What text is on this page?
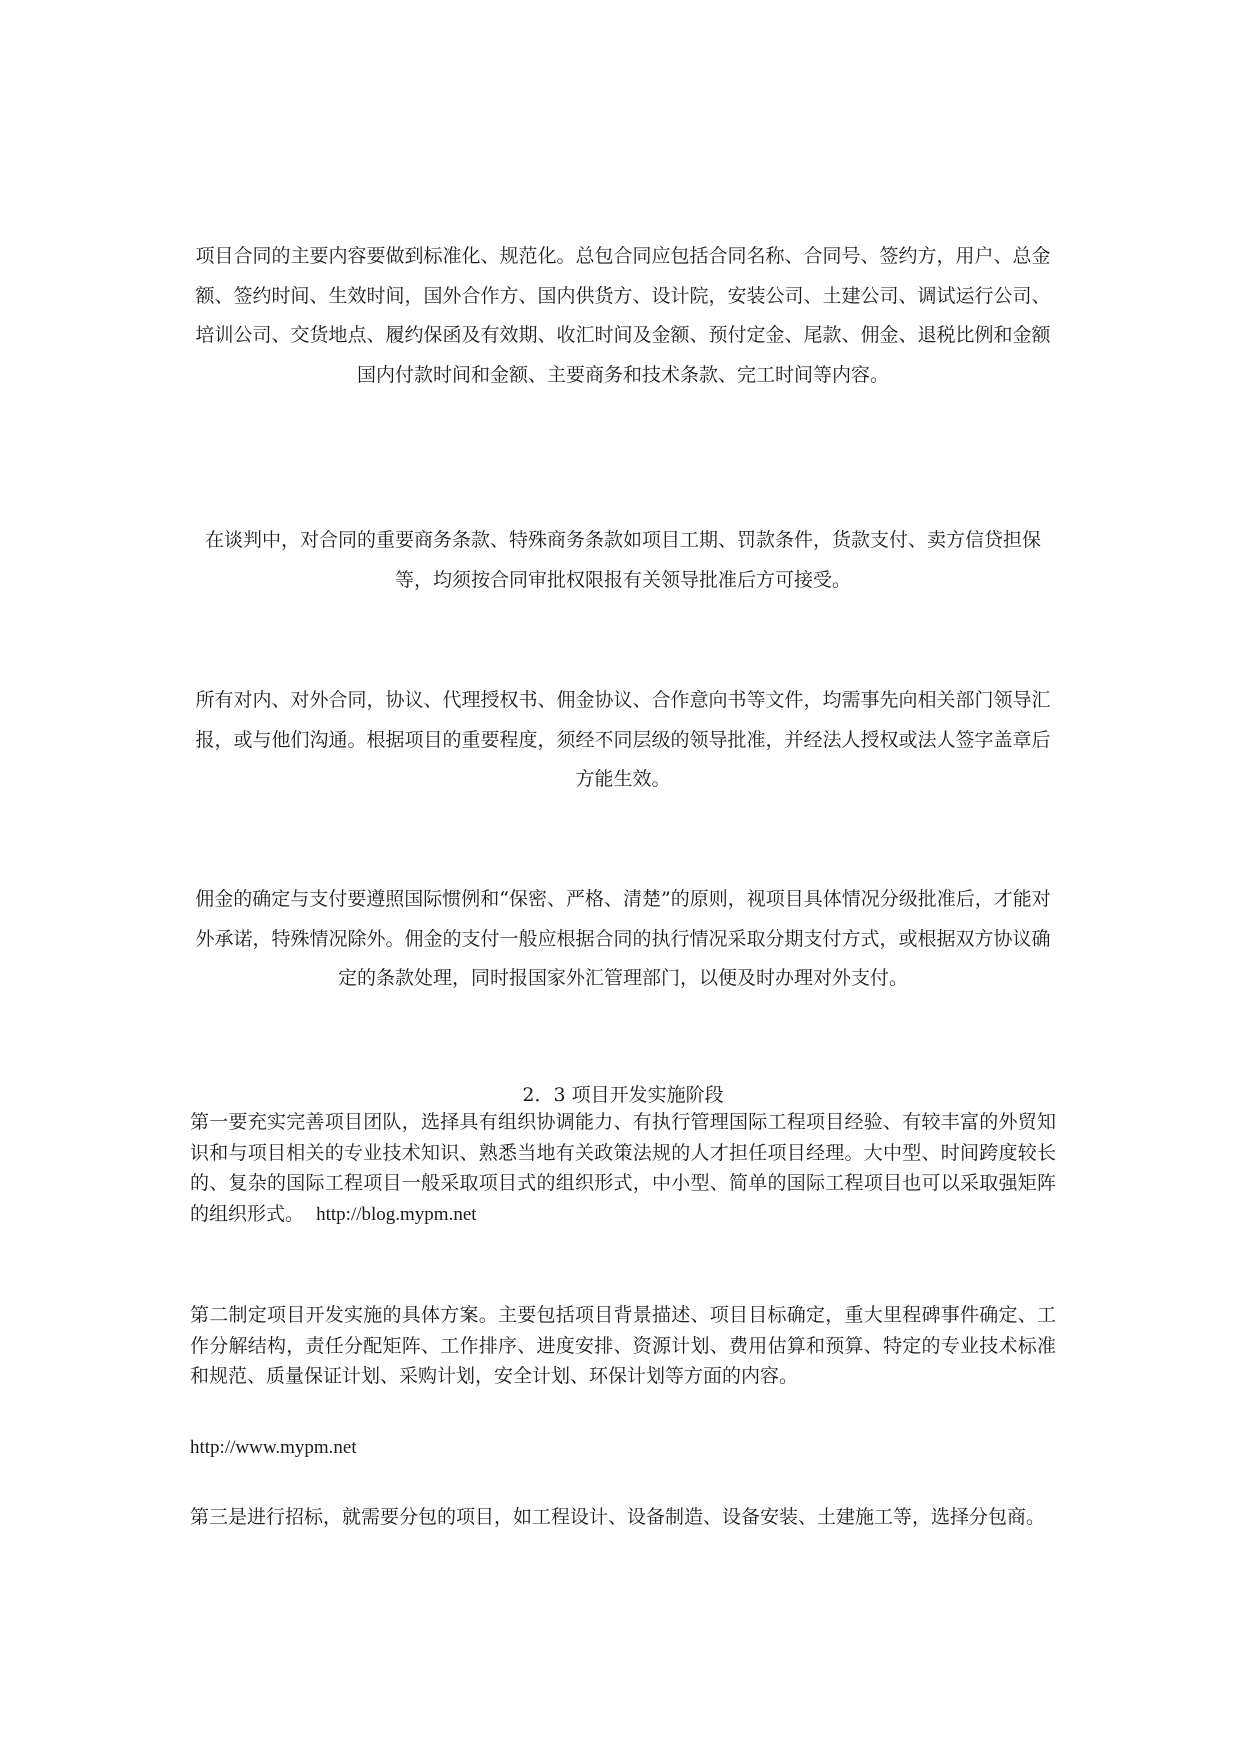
项目合同的主要内容要做到标准化、规范化。总包合同应包括合同名称、合同号、签约方，用户、总金额、签约时间、生效时间，国外合作方、国内供货方、设计院，安装公司、土建公司、调试运行公司、培训公司、交货地点、履约保函及有效期、收汇时间及金额、预付定金、尾款、佣金、退税比例和金额国内付款时间和金额、主要商务和技术条款、完工时间等内容。

在谈判中，对合同的重要商务条款、特殊商务条款如项目工期、罚款条件，货款支付、卖方信贷担保等，均须按合同审批权限报有关领导批准后方可接受。

所有对内、对外合同，协议、代理授权书、佣金协议、合作意向书等文件，均需事先向相关部门领导汇报，或与他们沟通。根据项目的重要程度，须经不同层级的领导批准，并经法人授权或法人签字盖章后方能生效。

佣金的确定与支付要遵照国际惯例和“保密、严格、清楚”的原则，视项目具体情况分级批准后，才能对外承诺，特殊情况除外。佣金的支付一般应根据合同的执行情况采取分期支付方式，或根据双方协议确定的条款处理，同时报国家外汇管理部门，以便及时办理对外支付。

2．3 项目开发实施阶段

第一要充实完善项目团队，选择具有组织协调能力、有执行管理国际工程项目经验、有较丰富的外贸知识和与项目相关的专业技术知识、熟悉当地有关政策法规的人才担任项目经理。大中型、时间跨度较长的、复杂的国际工程项目一般采取项目式的组织形式，中小型、简单的国际工程项目也可以采取强矩阵的组织形式。 http://blog.mypm.net

第二制定项目开发实施的具体方案。主要包括项目背景描述、项目目标确定，重大里程碑事件确定、工作分解结构，责任分配矩阵、工作排序、进度安排、资源计划、费用估算和预算、特定的专业技术标准和规范、质量保证计划、采购计划，安全计划、环保计划等方面的内容。

http://www.mypm.net

第三是进行招标，就需要分包的项目，如工程设计、设备制造、设备安装、土建施工等，选择分包商。
